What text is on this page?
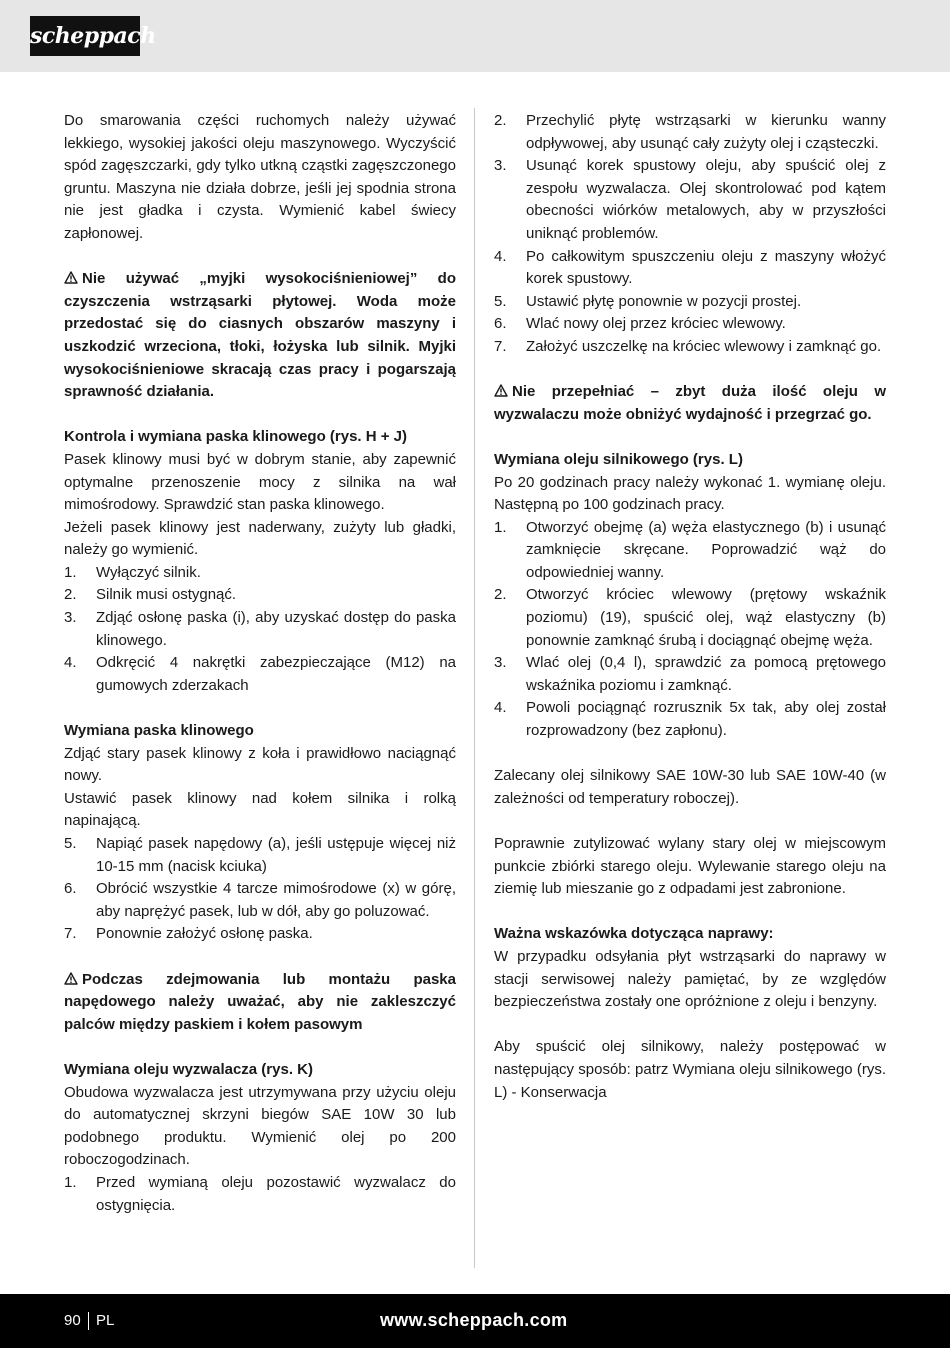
scheppach

Do smarowania części ruchomych należy używać lekkiego, wysokiej jakości oleju maszynowego. Wyczyścić spód zagęszczarki, gdy tylko utkną cząstki zagęszczonego gruntu. Maszyna nie działa dobrze, jeśli jej spodnia strona nie jest gładka i czysta. Wymienić kabel świecy zapłonowej.

Nie używać „myjki wysokociśnieniowej” do czyszczenia wstrząsarki płytowej. Woda może przedostać się do ciasnych obszarów maszyny i uszkodzić wrzeciona, tłoki, łożyska lub silnik. Myjki wysokociśnieniowe skracają czas pracy i pogarszają sprawność działania.

Kontrola i wymiana paska klinowego (rys. H + J)

Pasek klinowy musi być w dobrym stanie, aby zapewnić optymalne przenoszenie mocy z silnika na wał mimośrodowy. Sprawdzić stan paska klinowego.

Jeżeli pasek klinowy jest naderwany, zużyty lub gładki, należy go wymienić.

1.	Wyłączyć silnik.
2.	Silnik musi ostygnąć.
3.	Zdjąć osłonę paska (i), aby uzyskać dostęp do paska klinowego.
4.	Odkręcić 4 nakrętki zabezpieczające (M12) na gumowych zderzakach

Wymiana paska klinowego

Zdjąć stary pasek klinowy z koła i prawidłowo naciągnąć nowy.

Ustawić pasek klinowy nad kołem silnika i rolką napinającą.

5.	Napiąć pasek napędowy (a), jeśli ustępuje więcej niż 10-15 mm (nacisk kciuka)
6.	Obrócić wszystkie 4 tarcze mimośrodowe (x) w górę, aby naprężyć pasek, lub w dół, aby go poluzować.
7.	Ponownie założyć osłonę paska.

Podczas zdejmowania lub montażu paska napędowego należy uważać, aby nie zakleszczyć palców między paskiem i kołem pasowym

Wymiana oleju wyzwalacza (rys. K)

Obudowa wyzwalacza jest utrzymywana przy użyciu oleju do automatycznej skrzyni biegów SAE 10W 30 lub podobnego produktu. Wymienić olej po 200 roboczogodzinach.

1.	Przed wymianą oleju pozostawić wyzwalacz do ostygnięcia.
2.	Przechylić płytę wstrząsarki w kierunku wanny odpływowej, aby usunąć cały zużyty olej i cząsteczki.
3.	Usunąć korek spustowy oleju, aby spuścić olej z zespołu wyzwalacza. Olej skontrolować pod kątem obecności wiórków metalowych, aby w przyszłości uniknąć problemów.
4.	Po całkowitym spuszczeniu oleju z maszyny włożyć korek spustowy.
5.	Ustawić płytę ponownie w pozycji prostej.
6.	Wlać nowy olej przez króciec wlewowy.
7.	Założyć uszczelkę na króciec wlewowy i zamknąć go.

Nie przepełniać – zbyt duża ilość oleju w wyzwalaczu może obniżyć wydajność i przegrzać go.

Wymiana oleju silnikowego (rys. L)

Po 20 godzinach pracy należy wykonać 1. wymianę oleju. Następną po 100 godzinach pracy.

1.	Otworzyć obejmę (a) węża elastycznego (b) i usunąć zamknięcie skręcane. Poprowadzić wąż do odpowiedniej wanny.
2.	Otworzyć króciec wlewowy (prętowy wskaźnik poziomu) (19), spuścić olej, wąż elastyczny (b) ponownie zamknąć śrubą i dociągnąć obejmę węża.
3.	Wlać olej (0,4 l), sprawdzić za pomocą prętowego wskaźnika poziomu i zamknąć.
4.	Powoli pociągnąć rozrusznik 5x tak, aby olej został rozprowadzony (bez zapłonu).

Zalecany olej silnikowy SAE 10W-30 lub SAE 10W-40 (w zależności od temperatury roboczej).

Poprawnie zutylizować wylany stary olej w miejscowym punkcie zbiórki starego oleju. Wylewanie starego oleju na ziemię lub mieszanie go z odpadami jest zabronione.

Ważna wskazówka dotycząca naprawy:

W przypadku odsyłania płyt wstrząsarki do naprawy w stacji serwisowej należy pamiętać, by ze względów bezpieczeństwa zostały one opróżnione z oleju i benzyny.

Aby spuścić olej silnikowy, należy postępować w następujący sposób: patrz Wymiana oleju silnikowego (rys. L) - Konserwacja

90 PL	www.scheppach.com
